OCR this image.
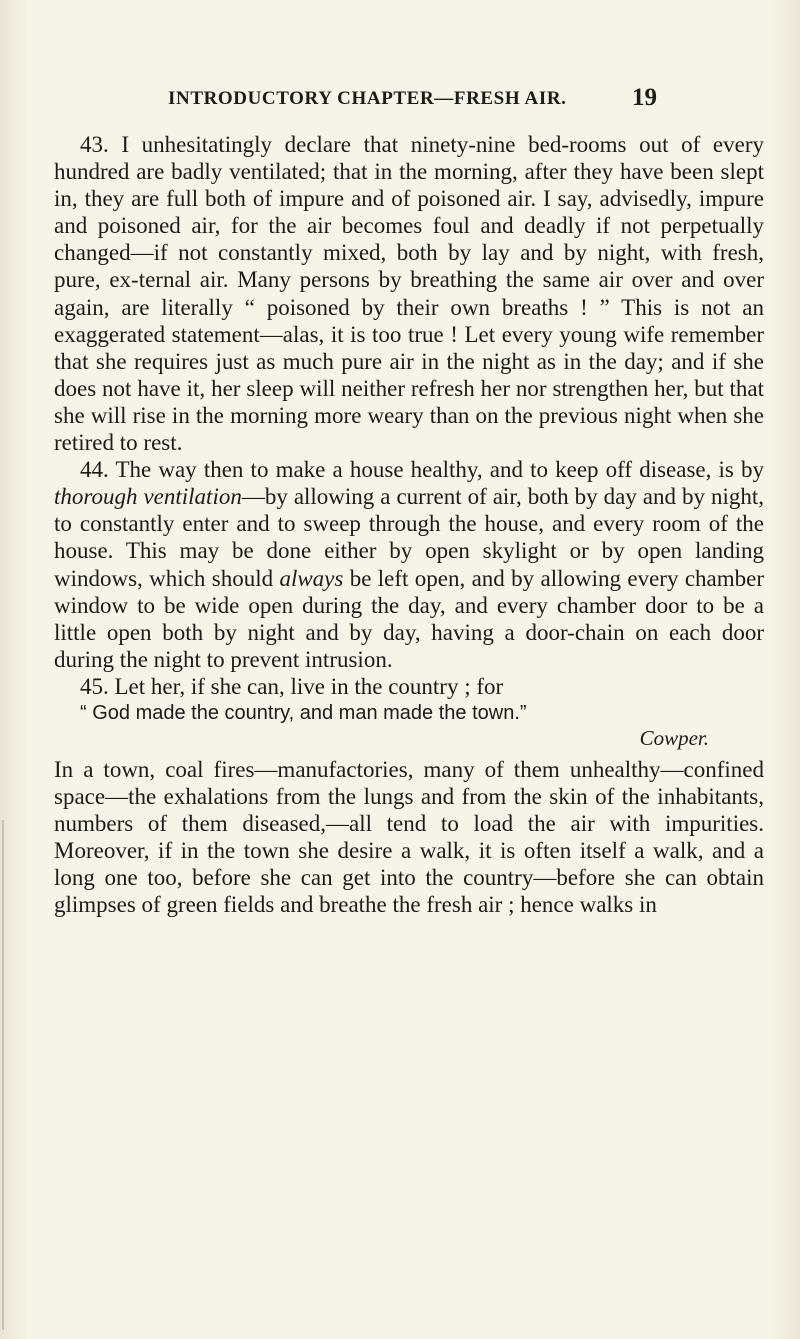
INTRODUCTORY CHAPTER—FRESH AIR.	19

43. I unhesitatingly declare that ninety-nine bed-rooms out of every hundred are badly ventilated; that in the morning, after they have been slept in, they are full both of impure and of poisoned air. I say, advisedly, impure and poisoned air, for the air becomes foul and deadly if not perpetually changed—if not constantly mixed, both by lay and by night, with fresh, pure, ex-ternal air. Many persons by breathing the same air over and over again, are literally “ poisoned by their own breaths ! ” This is not an exaggerated statement—alas, it is too true ! Let every young wife remember that she requires just as much pure air in the night as in the day; and if she does not have it, her sleep will neither refresh her nor strengthen her, but that she will rise in the morning more weary than on the previous night when she retired to rest.

44. The way then to make a house healthy, and to keep off disease, is by thorough ventilation—by allowing a current of air, both by day and by night, to constantly enter and to sweep through the house, and every room of the house. This may be done either by open skylight or by open landing windows, which should always be left open, and by allowing every chamber window to be wide open during the day, and every chamber door to be a little open both by night and by day, having a door-chain on each door during the night to prevent intrusion.

45. Let her, if she can, live in the country ; for

“ God made the country, and man made the town.”

Cowper.

In a town, coal fires—manufactories, many of them unhealthy—confined space—the exhalations from the lungs and from the skin of the inhabitants, numbers of them diseased,—all tend to load the air with impurities. Moreover, if in the town she desire a walk, it is often itself a walk, and a long one too, before she can get into the country—before she can obtain glimpses of green fields and breathe the fresh air ; hence walks in
